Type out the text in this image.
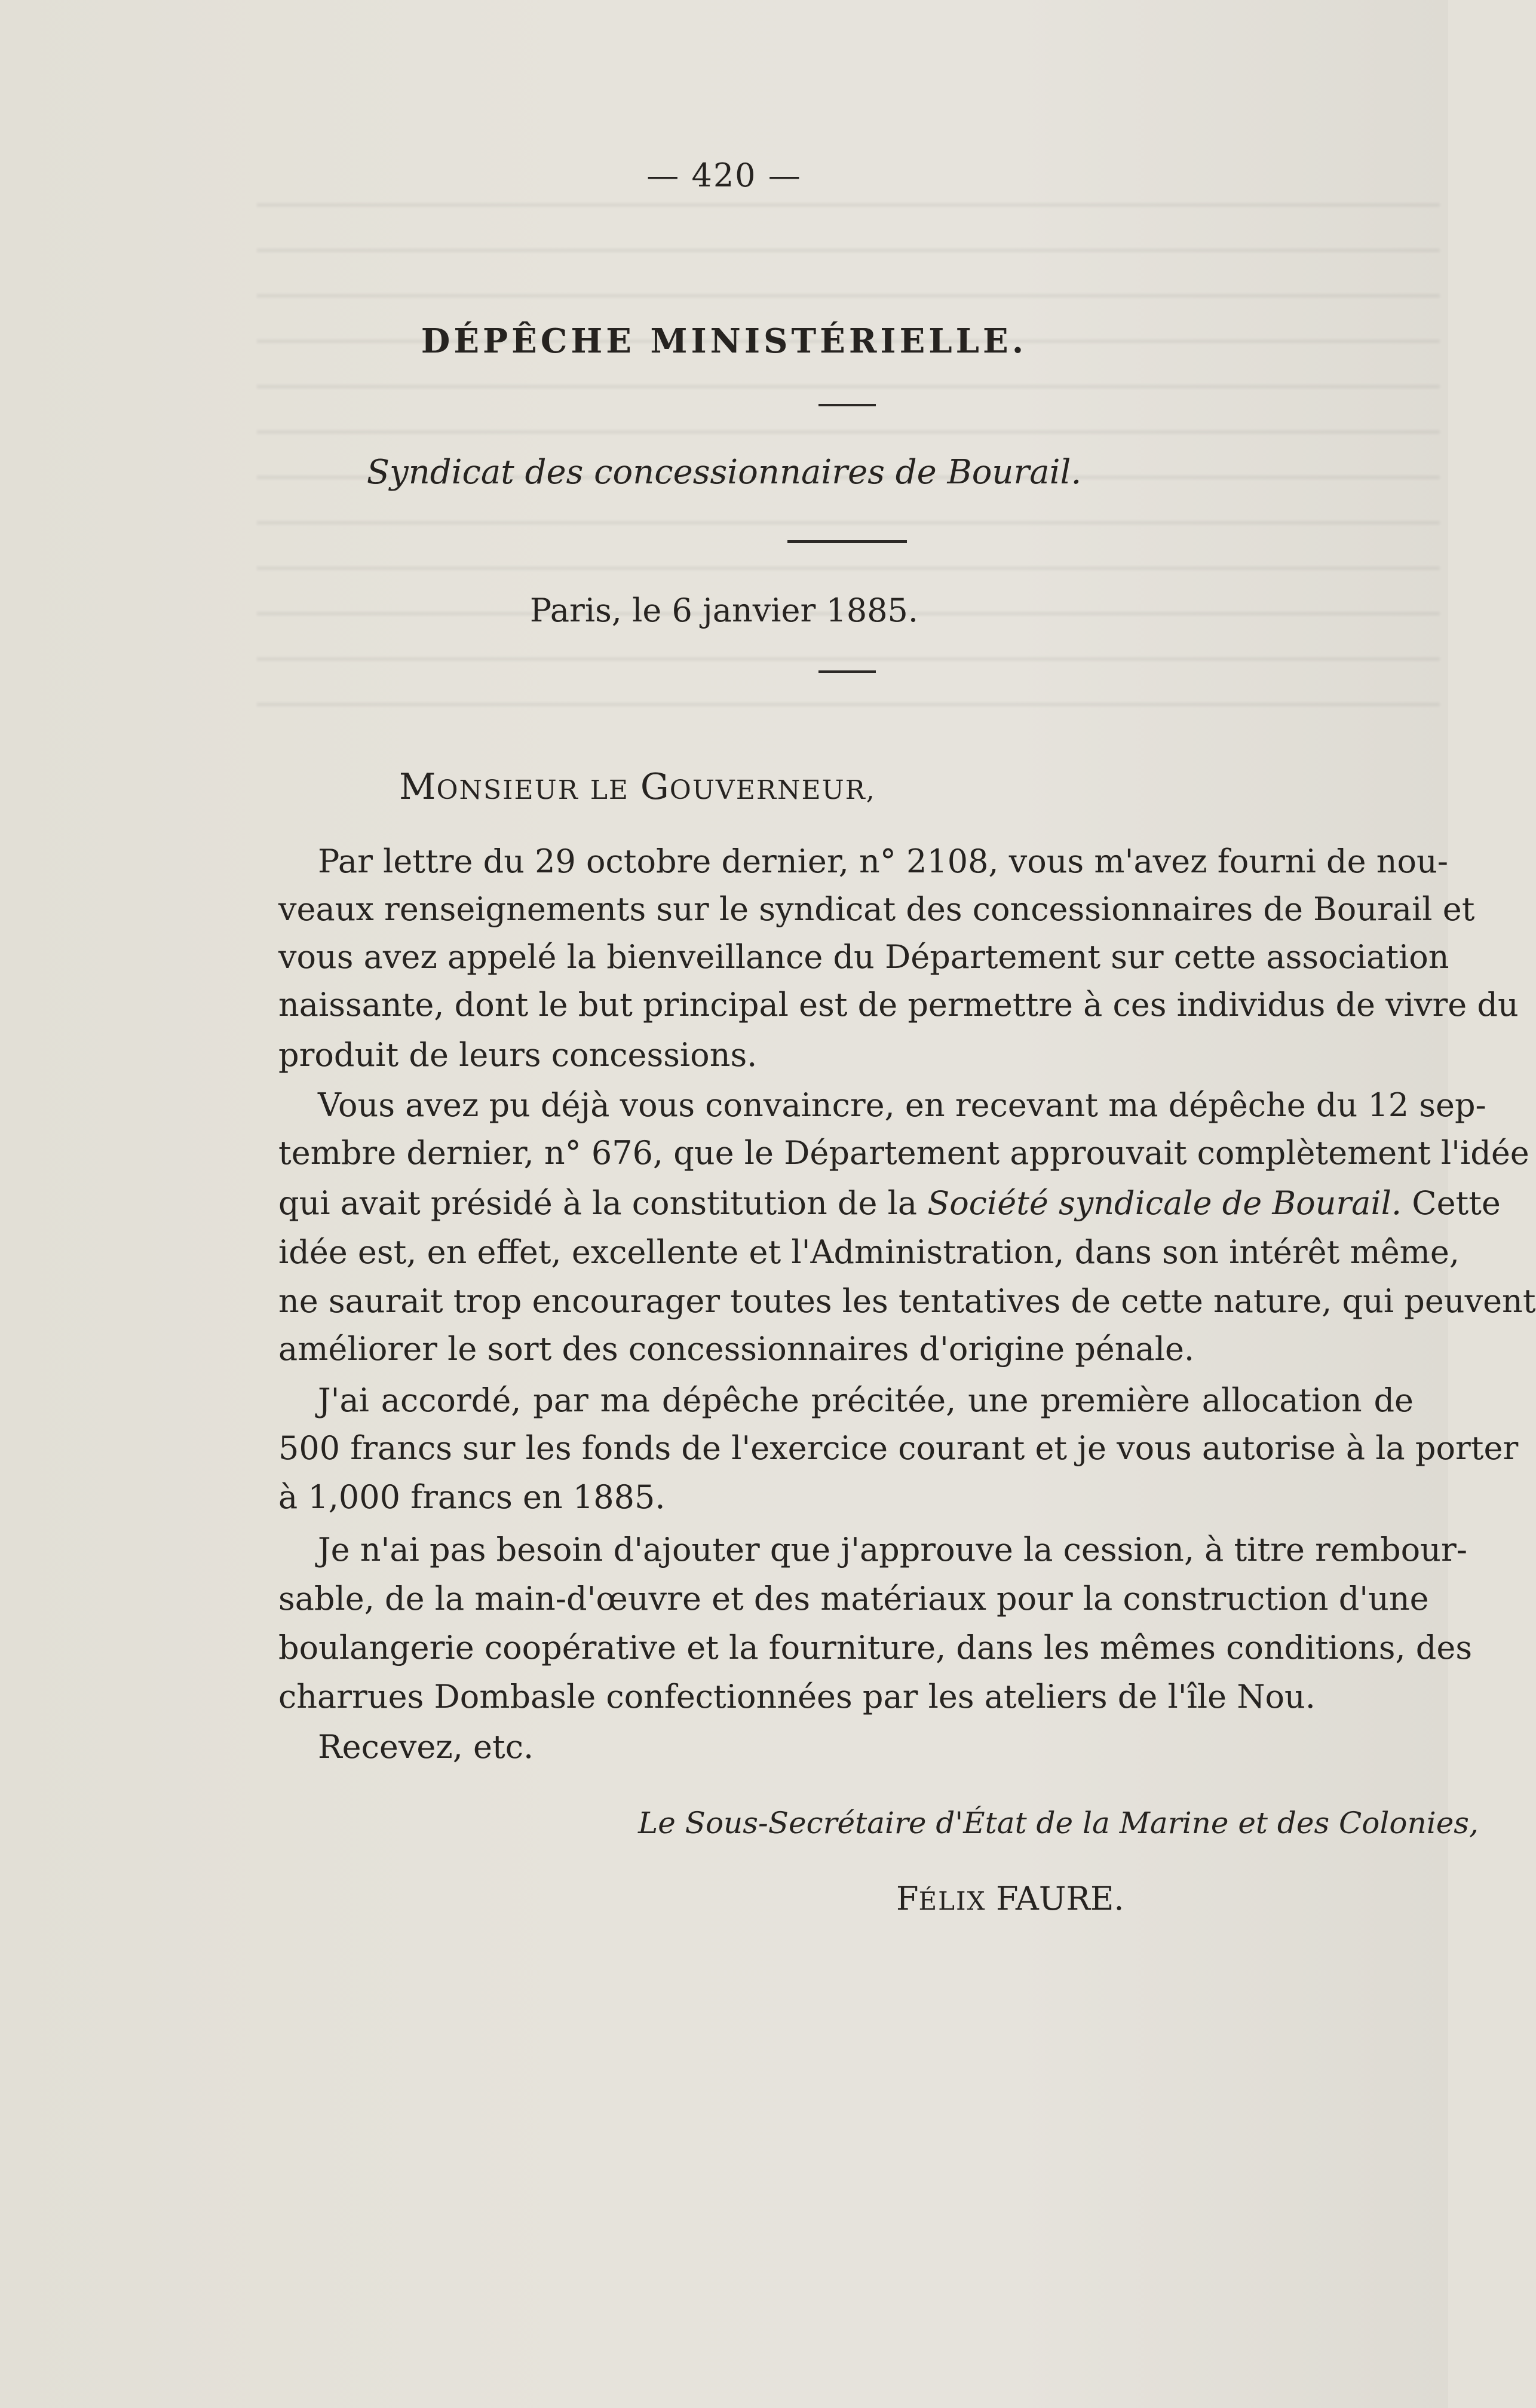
— 420 —
DÉPÊCHE MINISTÉRIELLE.
Syndicat des concessionnaires de Bourail.
Paris, le 6 janvier 1885.
MONSIEUR LE GOUVERNEUR,
Par lettre du 29 octobre dernier, n° 2108, vous m'avez fourni de nou-
veaux renseignements sur le syndicat des concessionnaires de Bourail et
vous avez appelé la bienveillance du Département sur cette association
naissante, dont le but principal est de permettre à ces individus de vivre du
produit de leurs concessions.
Vous avez pu déjà vous convaincre, en recevant ma dépêche du 12 sep-
tembre dernier, n° 676, que le Département approuvait complètement l'idée
qui avait présidé à la constitution de la Société syndicale de Bourail. Cette
idée est, en effet, excellente et l'Administration, dans son intérêt même,
ne saurait trop encourager toutes les tentatives de cette nature, qui peuvent
améliorer le sort des concessionnaires d'origine pénale.
J'ai accordé, par ma dépêche précitée, une première allocation de
500 francs sur les fonds de l'exercice courant et je vous autorise à la porter
à 1,000 francs en 1885.
Je n'ai pas besoin d'ajouter que j'approuve la cession, à titre rembour-
sable, de la main-d'œuvre et des matériaux pour la construction d'une
boulangerie coopérative et la fourniture, dans les mêmes conditions, des
charrues Dombasle confectionnées par les ateliers de l'île Nou.
Recevez, etc.
Le Sous-Secrétaire d'État de la Marine et des Colonies,
FÉLIX FAURE.
